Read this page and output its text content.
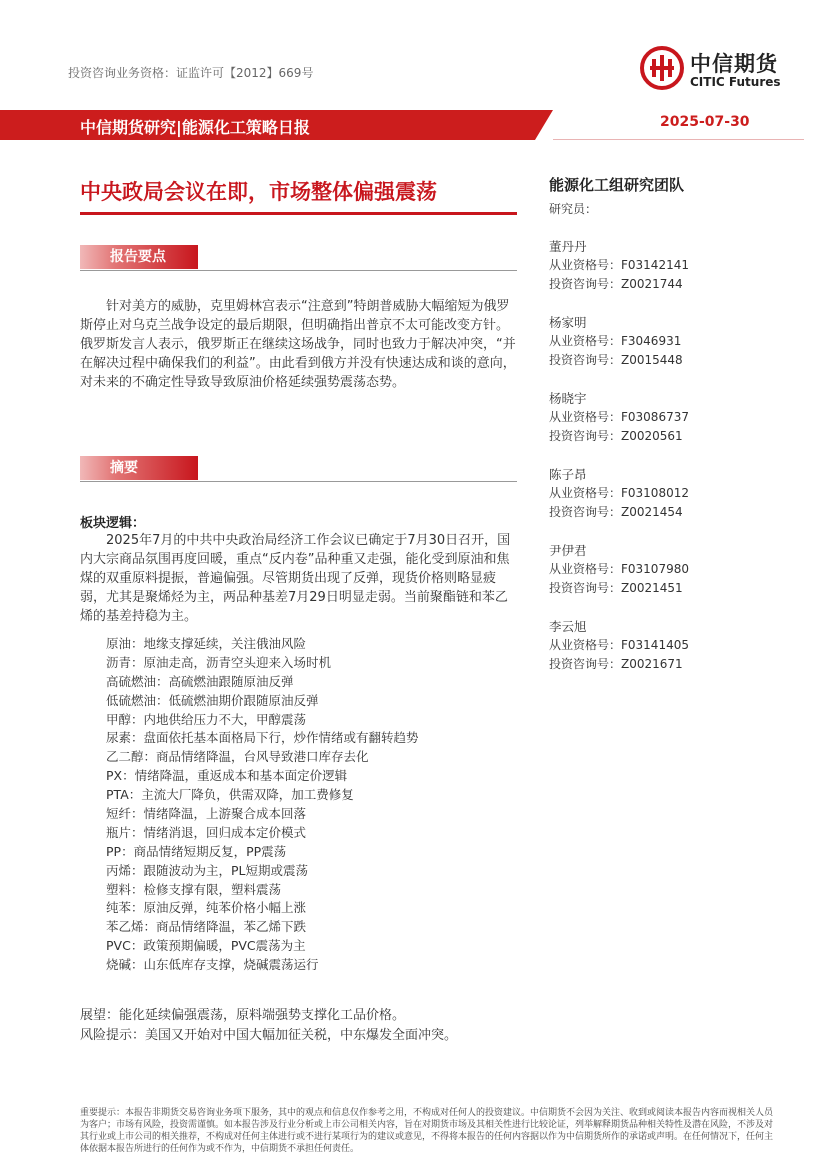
投资咨询业务资格：证监许可【2012】669号	中信期货
CITIC Futures
中信期货研究|能源化工策略日报	2025-07-30
中央政局会议在即，市场整体偏强震荡
报告要点

针对美方的威胁，克里姆林宫表示“注意到”特朗普威胁大幅缩短为俄罗斯停止对乌克兰战争设定的最后期限，但明确指出普京不太可能改变方针。俄罗斯发言人表示，俄罗斯正在继续这场战争，同时也致力于解决冲突，“并在解决过程中确保我们的利益”。由此看到俄方并没有快速达成和谈的意向，对未来的不确定性导致导致原油价格延续强势震荡态势。

摘要
板块逻辑：

2025年7月的中共中央政治局经济工作会议已确定于7月30日召开，国内大宗商品氛围再度回暖，重点“反内卷”品种重又走强，能化受到原油和焦煤的双重原料提振，普遍偏强。尽管期货出现了反弹，现货价格则略显疲弱，尤其是聚烯烃为主，两品种基差7月29日明显走弱。当前聚酯链和苯乙烯的基差持稳为主。

原油：地缘支撑延续，关注俄油风险
沥青：原油走高，沥青空头迎来入场时机
高硫燃油：高硫燃油跟随原油反弹
低硫燃油：低硫燃油期价跟随原油反弹
甲醇：内地供给压力不大，甲醇震荡
尿素：盘面依托基本面格局下行，炒作情绪或有翻转趋势
乙二醇：商品情绪降温，台风导致港口库存去化
PX：情绪降温，重返成本和基本面定价逻辑
PTA：主流大厂降负，供需双降，加工费修复
短纤：情绪降温，上游聚合成本回落
瓶片：情绪消退，回归成本定价模式
PP：商品情绪短期反复，PP震荡
丙烯：跟随波动为主，PL短期或震荡
塑料：检修支撑有限，塑料震荡
纯苯：原油反弹，纯苯价格小幅上涨
苯乙烯：商品情绪降温，苯乙烯下跌
PVC：政策预期偏暖，PVC震荡为主
烧碱：山东低库存支撑，烧碱震荡运行
展望：能化延续偏强震荡，原料端强势支撑化工品价格。
风险提示：美国又开始对中国大幅加征关税，中东爆发全面冲突。
能源化工组研究团队
研究员：
董丹丹
从业资格号：F03142141
投资咨询号：Z0021744
杨家明
从业资格号：F3046931
投资咨询号：Z0015448
杨晓宇
从业资格号：F03086737
投资咨询号：Z0020561
陈子昂
从业资格号：F03108012
投资咨询号：Z0021454
尹伊君
从业资格号：F03107980
投资咨询号：Z0021451
李云旭
从业资格号：F03141405
投资咨询号：Z0021671
重要提示：本报告非期货交易咨询业务项下服务，其中的观点和信息仅作参考之用，不构成对任何人的投资建议。中信期货不会因为关注、收到或阅读本报告内容而视相关人员为客户；市场有风险，投资需谨慎。如本报告涉及行业分析或上市公司相关内容，旨在对期货市场及其相关性进行比较论证，列举解释期货品种相关特性及潜在风险，不涉及对其行业或上市公司的相关推荐，不构成对任何主体进行或不进行某项行为的建议或意见，不得将本报告的任何内容据以作为中信期货所作的承诺或声明。在任何情况下，任何主体依据本报告所进行的任何作为或不作为，中信期货不承担任何责任。
